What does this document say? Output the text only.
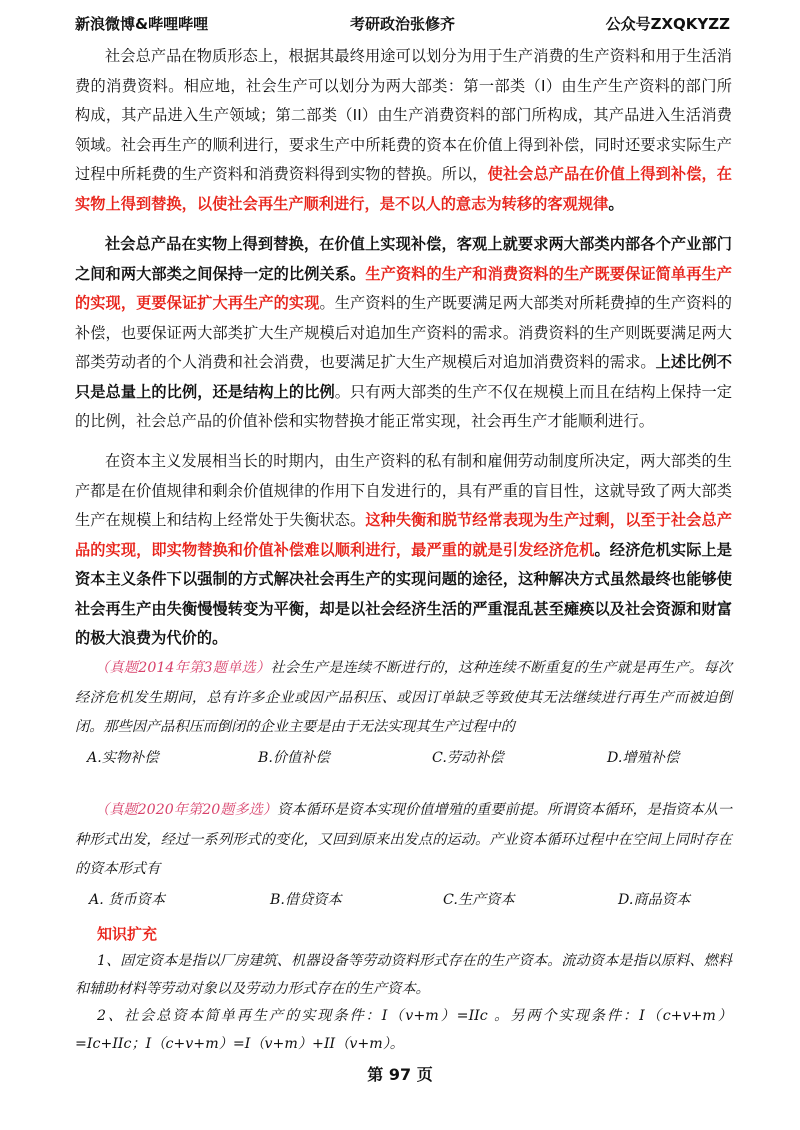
新浪微博&哔哩哔哩	考研政治张修齐	公众号ZXQKYZZ

社会总产品在物质形态上，根据其最终用途可以划分为用于生产消费的生产资料和用于生活消费的消费资料。相应地，社会生产可以划分为两大部类：第一部类（I）由生产生产资料的部门所构成，其产品进入生产领域；第二部类（II）由生产消费资料的部门所构成，其产品进入生活消费领域。社会再生产的顺利进行，要求生产中所耗费的资本在价值上得到补偿，同时还要求实际生产过程中所耗费的生产资料和消费资料得到实物的替换。所以，使社会总产品在价值上得到补偿，在实物上得到替换，以使社会再生产顺利进行，是不以人的意志为转移的客观规律。

社会总产品在实物上得到替换，在价值上实现补偿，客观上就要求两大部类内部各个产业部门之间和两大部类之间保持一定的比例关系。生产资料的生产和消费资料的生产既要保证简单再生产的实现，更要保证扩大再生产的实现。生产资料的生产既要满足两大部类对所耗费掉的生产资料的补偿，也要保证两大部类扩大生产规模后对追加生产资料的需求。消费资料的生产则既要满足两大部类劳动者的个人消费和社会消费，也要满足扩大生产规模后对追加消费资料的需求。上述比例不只是总量上的比例，还是结构上的比例。只有两大部类的生产不仅在规模上而且在结构上保持一定的比例，社会总产品的价值补偿和实物替换才能正常实现，社会再生产才能顺利进行。

在资本主义发展相当长的时期内，由生产资料的私有制和雇佣劳动制度所决定，两大部类的生产都是在价值规律和剩余价值规律的作用下自发进行的，具有严重的盲目性，这就导致了两大部类生产在规模上和结构上经常处于失衡状态。这种失衡和脱节经常表现为生产过剩，以至于社会总产品的实现，即实物替换和价值补偿难以顺利进行，最严重的就是引发经济危机。经济危机实际上是资本主义条件下以强制的方式解决社会再生产的实现问题的途径，这种解决方式虽然最终也能够使社会再生产由失衡慢慢转变为平衡，却是以社会经济生活的严重混乱甚至瘫痪以及社会资源和财富的极大浪费为代价的。

（真题2014年第3题单选）社会生产是连续不断进行的，这种连续不断重复的生产就是再生产。每次经济危机发生期间，总有许多企业或因产品积压、或因订单缺乏等致使其无法继续进行再生产而被迫倒闭。那些因产品积压而倒闭的企业主要是由于无法实现其生产过程中的

A.实物补偿	B.价值补偿	C.劳动补偿	D.增殖补偿

（真题2020年第20题多选）资本循环是资本实现价值增殖的重要前提。所谓资本循环，是指资本从一种形式出发，经过一系列形式的变化，又回到原来出发点的运动。产业资本循环过程中在空间上同时存在的资本形式有

A. 货币资本	B.借贷资本	C.生产资本	D.商品资本

知识扩充

1、固定资本是指以厂房建筑、机器设备等劳动资料形式存在的生产资本。流动资本是指以原料、燃料和辅助材料等劳动对象以及劳动力形式存在的生产资本。

2、社会总资本简单再生产的实现条件：I（v+m）=IIc 。另两个实现条件：I（c+v+m）=Ic+IIc；I（c+v+m）=I（v+m）+II（v+m）。

第 97 页
